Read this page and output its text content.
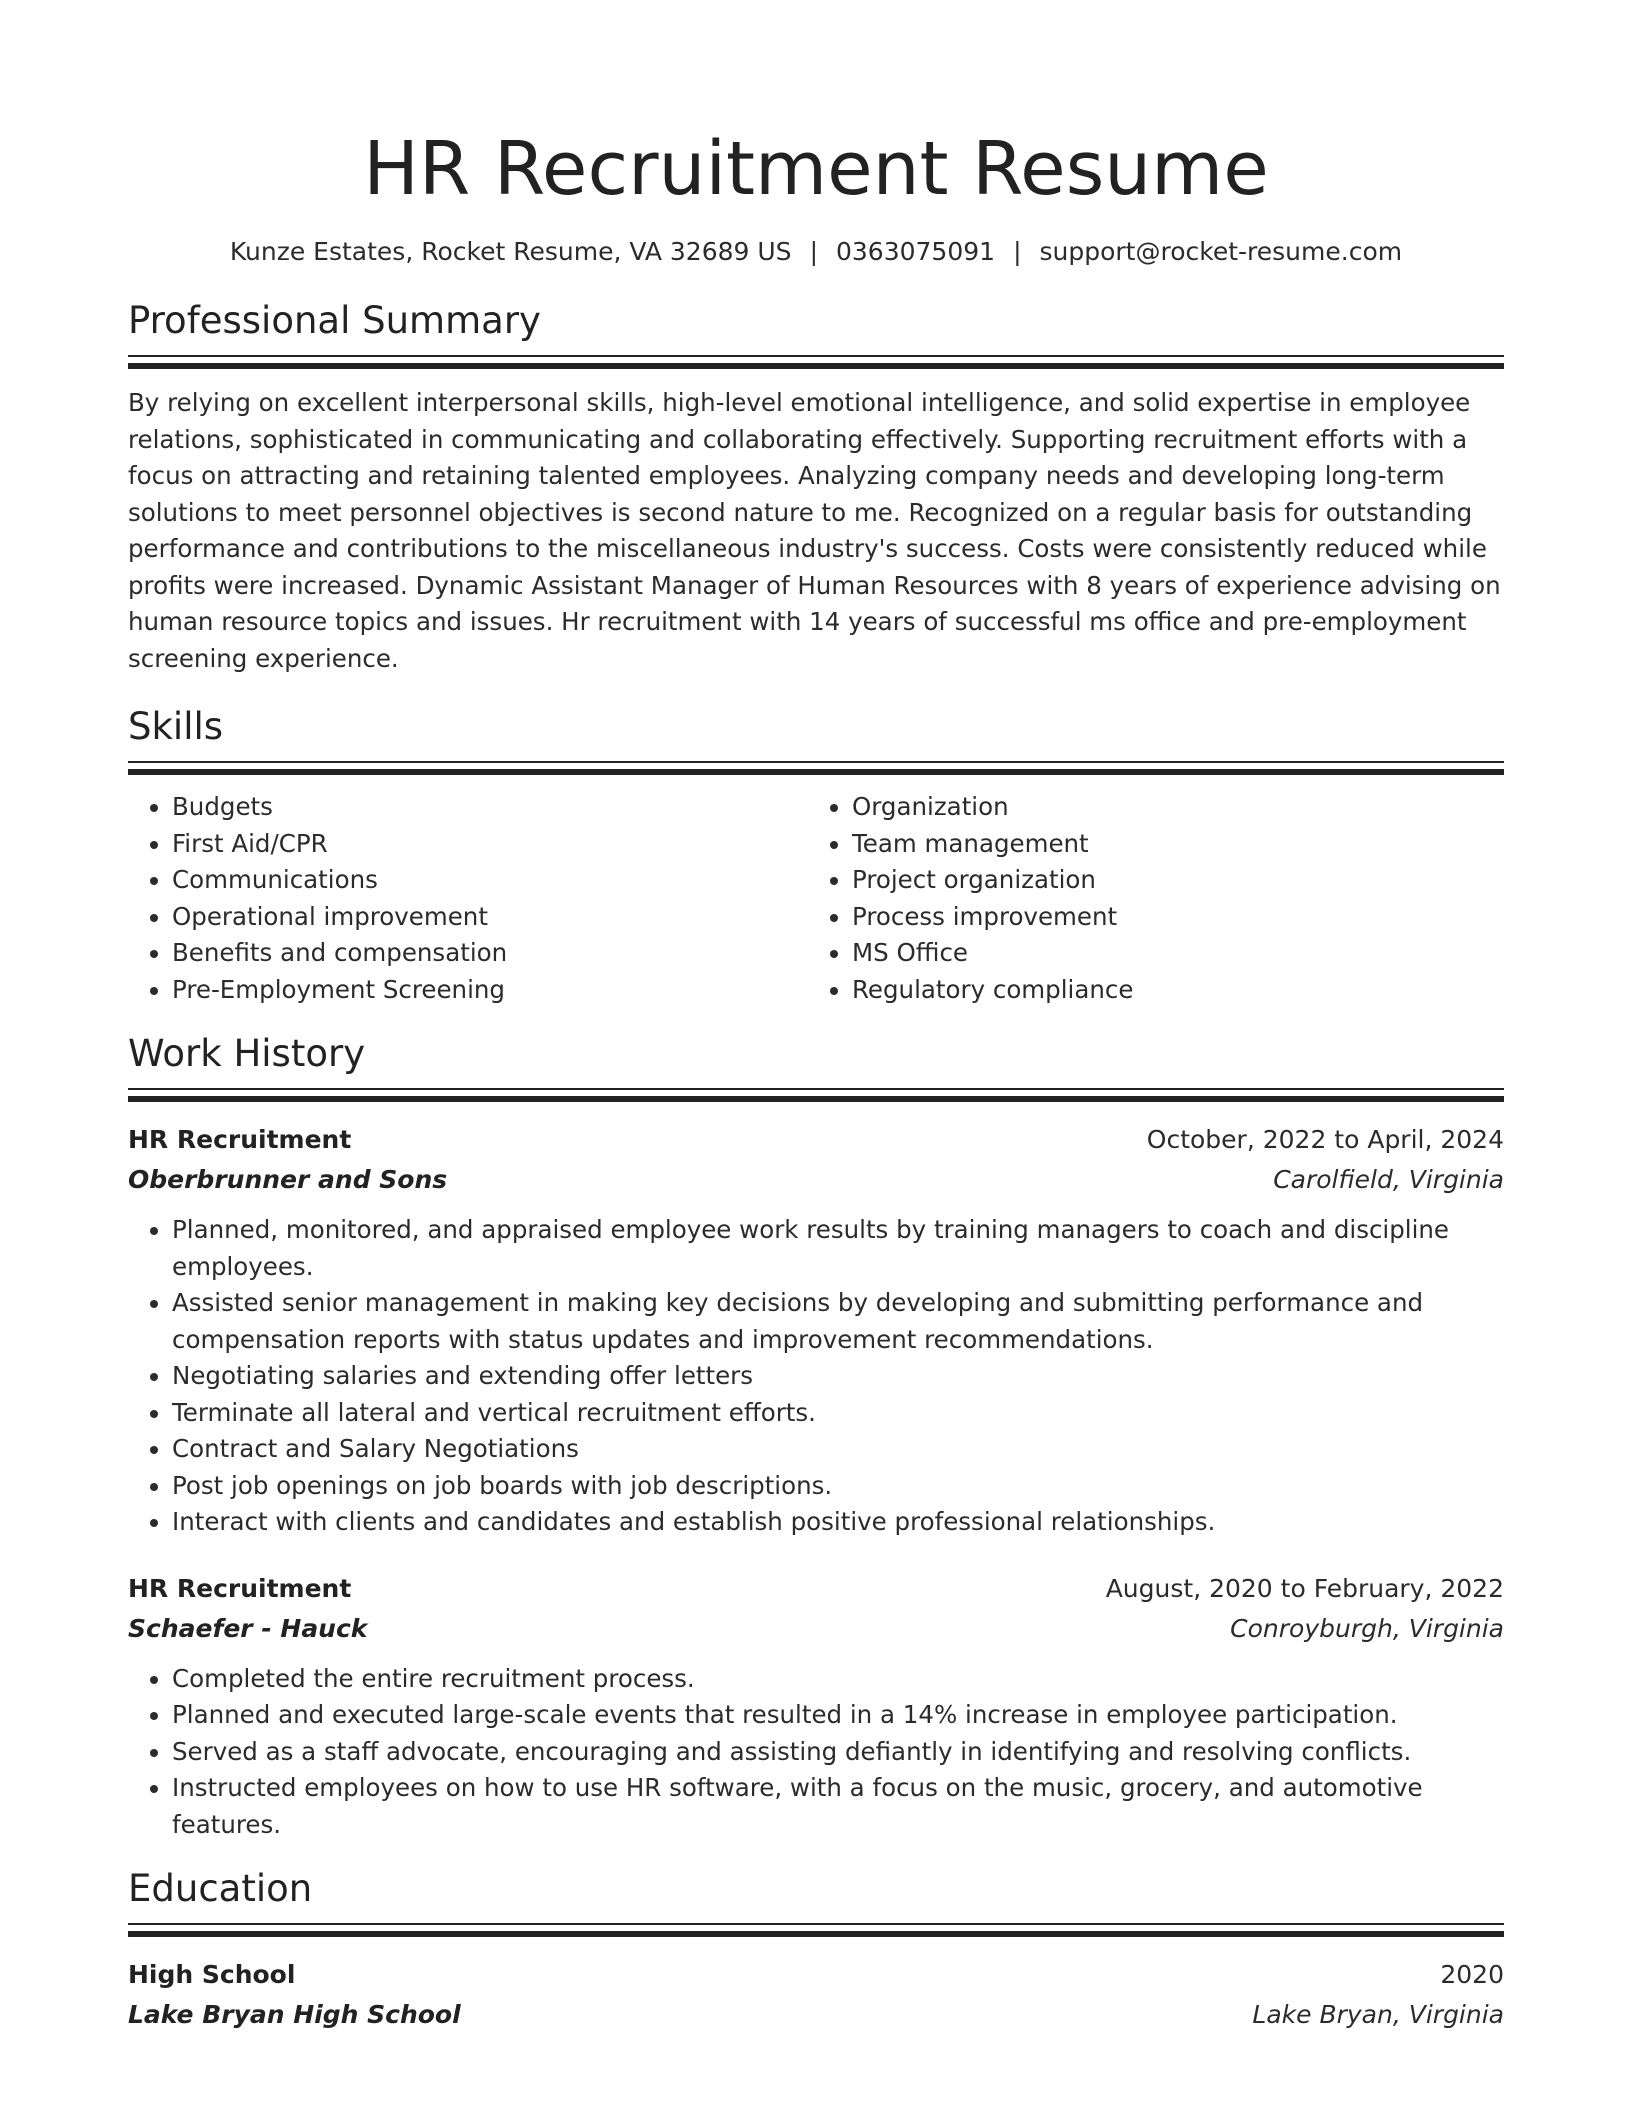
HR Recruitment Resume
Kunze Estates, Rocket Resume, VA 32689 US | 0363075091 | support@rocket-resume.com
Professional Summary

By relying on excellent interpersonal skills, high-level emotional intelligence, and solid expertise in employee relations, sophisticated in communicating and collaborating effectively. Supporting recruitment efforts with a focus on attracting and retaining talented employees. Analyzing company needs and developing long-term solutions to meet personnel objectives is second nature to me. Recognized on a regular basis for outstanding performance and contributions to the miscellaneous industry's success. Costs were consistently reduced while profits were increased. Dynamic Assistant Manager of Human Resources with 8 years of experience advising on human resource topics and issues. Hr recruitment with 14 years of successful ms office and pre-employment screening experience.

Skills
• Budgets
• First Aid/CPR
• Communications
• Operational improvement
• Benefits and compensation
• Pre-Employment Screening
• Organization
• Team management
• Project organization
• Process improvement
• MS Office
• Regulatory compliance
Work History
HR Recruitment	October, 2022 to April, 2024
Oberbrunner and Sons	Carolfield, Virginia
• Planned, monitored, and appraised employee work results by training managers to coach and discipline employees.
• Assisted senior management in making key decisions by developing and submitting performance and compensation reports with status updates and improvement recommendations.
• Negotiating salaries and extending offer letters
• Terminate all lateral and vertical recruitment efforts.
• Contract and Salary Negotiations
• Post job openings on job boards with job descriptions.
• Interact with clients and candidates and establish positive professional relationships.
HR Recruitment	August, 2020 to February, 2022
Schaefer - Hauck	Conroyburgh, Virginia
• Completed the entire recruitment process.
• Planned and executed large-scale events that resulted in a 14% increase in employee participation.
• Served as a staff advocate, encouraging and assisting defiantly in identifying and resolving conflicts.
• Instructed employees on how to use HR software, with a focus on the music, grocery, and automotive features.
Education
High School	2020
Lake Bryan High School	Lake Bryan, Virginia
